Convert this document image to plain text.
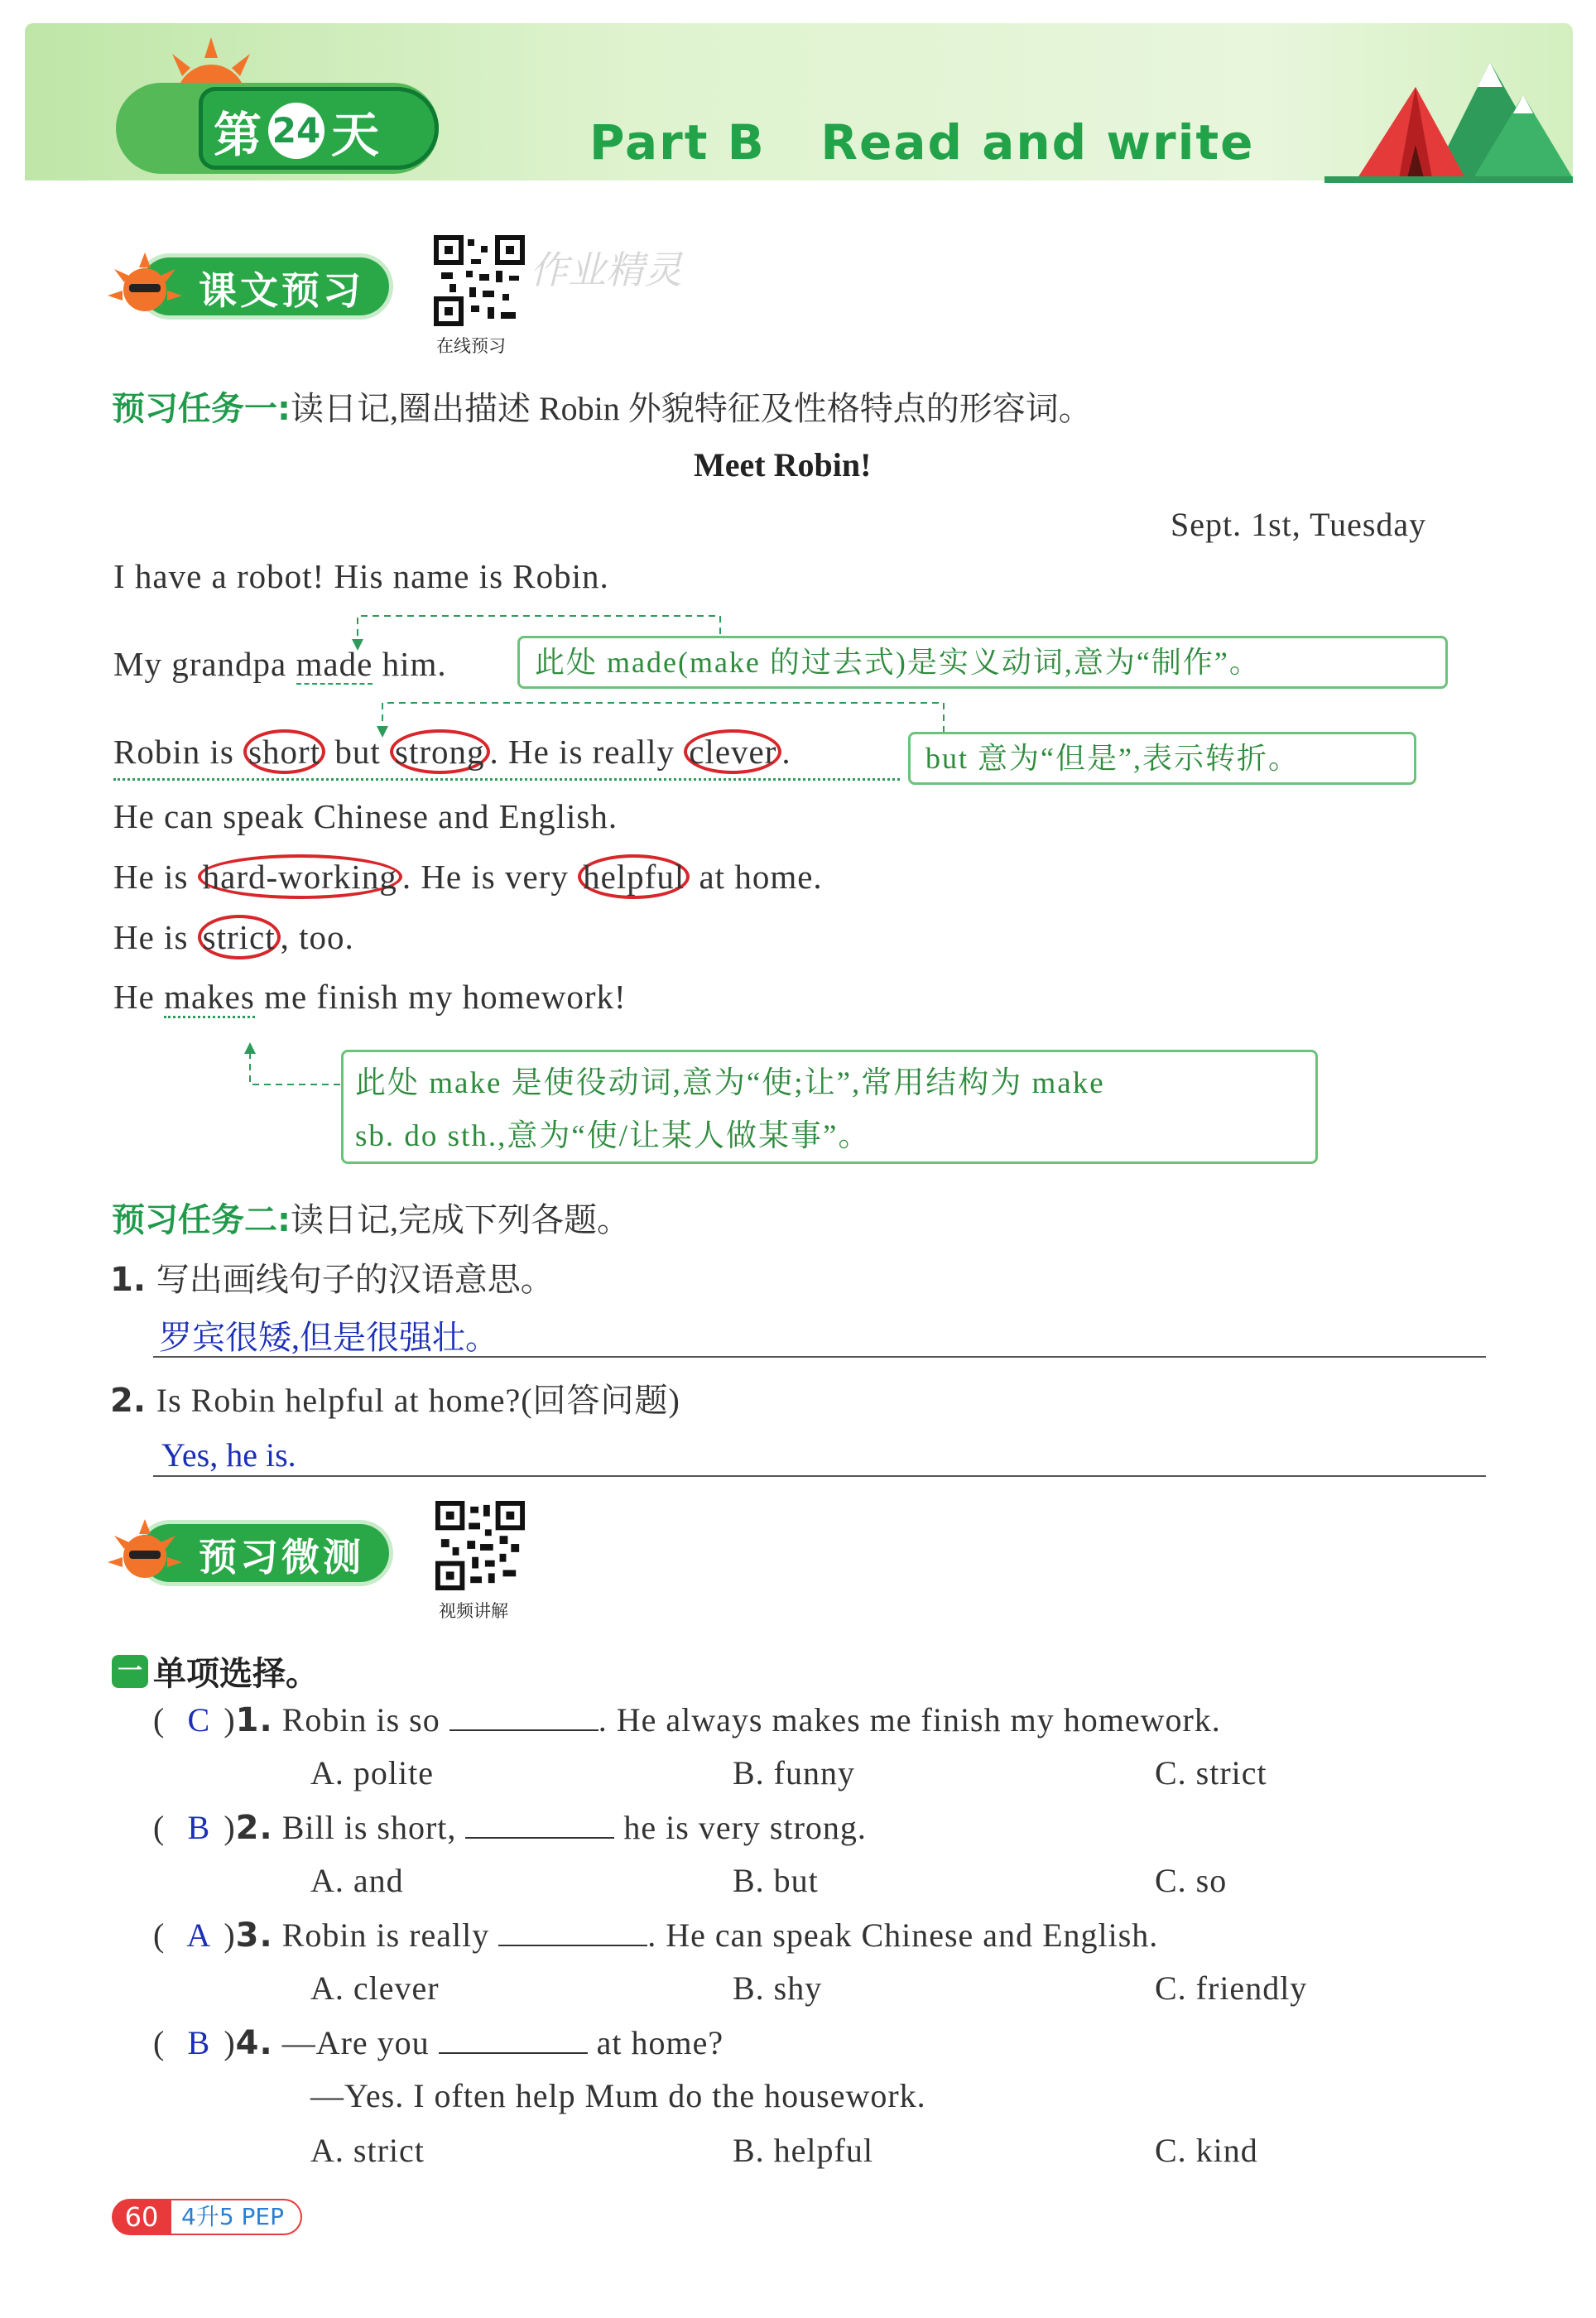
第 24 天	Part B   Read and write
课文预习
在线预习
作业精灵
预习任务一:读日记,圈出描述 Robin 外貌特征及性格特点的形容词。
Meet Robin!
Sept. 1st, Tuesday
I have a robot! His name is Robin.
My grandpa made him.	此处 made(make 的过去式)是实义动词,意为“制作”。
Robin is short but strong . He is really clever .	but 意为“但是”,表示转折。
He can speak Chinese and English.
He is hard-working . He is very helpful at home.
He is strict , too.
He makes me finish my homework!
此处 make 是使役动词,意为“使;让”,常用结构为 make
sb. do sth.,意为“使/让某人做某事”。
预习任务二:读日记,完成下列各题。
1. 写出画线句子的汉语意思。
罗宾很矮,但是很强壮。
2. Is Robin helpful at home?(回答问题)
Yes, he is.
预习微测
视频讲解
一 单项选择。
( C )1. Robin is so	. He always makes me finish my homework.
A. polite	B. funny	C. strict
( B )2. Bill is short,	he is very strong.
A. and	B. but	C. so
( A )3. Robin is really	. He can speak Chinese and English.
A. clever	B. shy	C. friendly
( B )4. —Are you	at home?
—Yes. I often help Mum do the housework.
A. strict	B. helpful	C. kind
60 4升5 PEP
